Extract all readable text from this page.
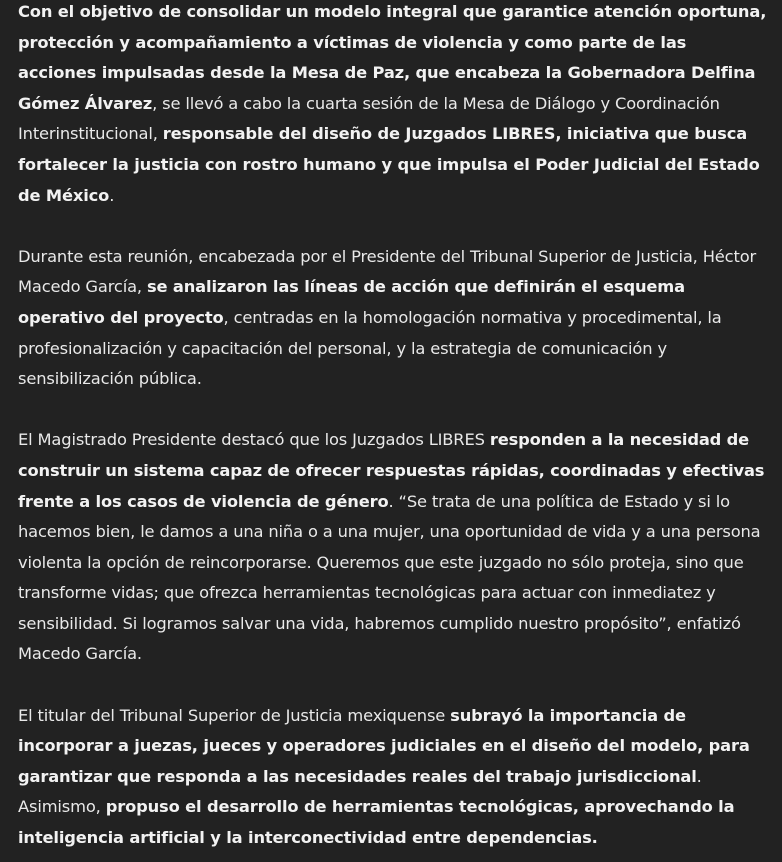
Con el objetivo de consolidar un modelo integral que garantice atención oportuna, protección y acompañamiento a víctimas de violencia y como parte de las acciones impulsadas desde la Mesa de Paz, que encabeza la Gobernadora Delfina Gómez Álvarez, se llevó a cabo la cuarta sesión de la Mesa de Diálogo y Coordinación Interinstitucional, responsable del diseño de Juzgados LIBRES, iniciativa que busca fortalecer la justicia con rostro humano y que impulsa el Poder Judicial del Estado de México.

Durante esta reunión, encabezada por el Presidente del Tribunal Superior de Justicia, Héctor Macedo García, se analizaron las líneas de acción que definirán el esquema operativo del proyecto, centradas en la homologación normativa y procedimental, la profesionalización y capacitación del personal, y la estrategia de comunicación y sensibilización pública.

El Magistrado Presidente destacó que los Juzgados LIBRES responden a la necesidad de construir un sistema capaz de ofrecer respuestas rápidas, coordinadas y efectivas frente a los casos de violencia de género. “Se trata de una política de Estado y si lo hacemos bien, le damos a una niña o a una mujer, una oportunidad de vida y a una persona violenta la opción de reincorporarse. Queremos que este juzgado no sólo proteja, sino que transforme vidas; que ofrezca herramientas tecnológicas para actuar con inmediatez y sensibilidad. Si logramos salvar una vida, habremos cumplido nuestro propósito”, enfatizó Macedo García.

El titular del Tribunal Superior de Justicia mexiquense subrayó la importancia de incorporar a juezas, jueces y operadores judiciales en el diseño del modelo, para garantizar que responda a las necesidades reales del trabajo jurisdiccional. Asimismo, propuso el desarrollo de herramientas tecnológicas, aprovechando la inteligencia artificial y la interconectividad entre dependencias.
